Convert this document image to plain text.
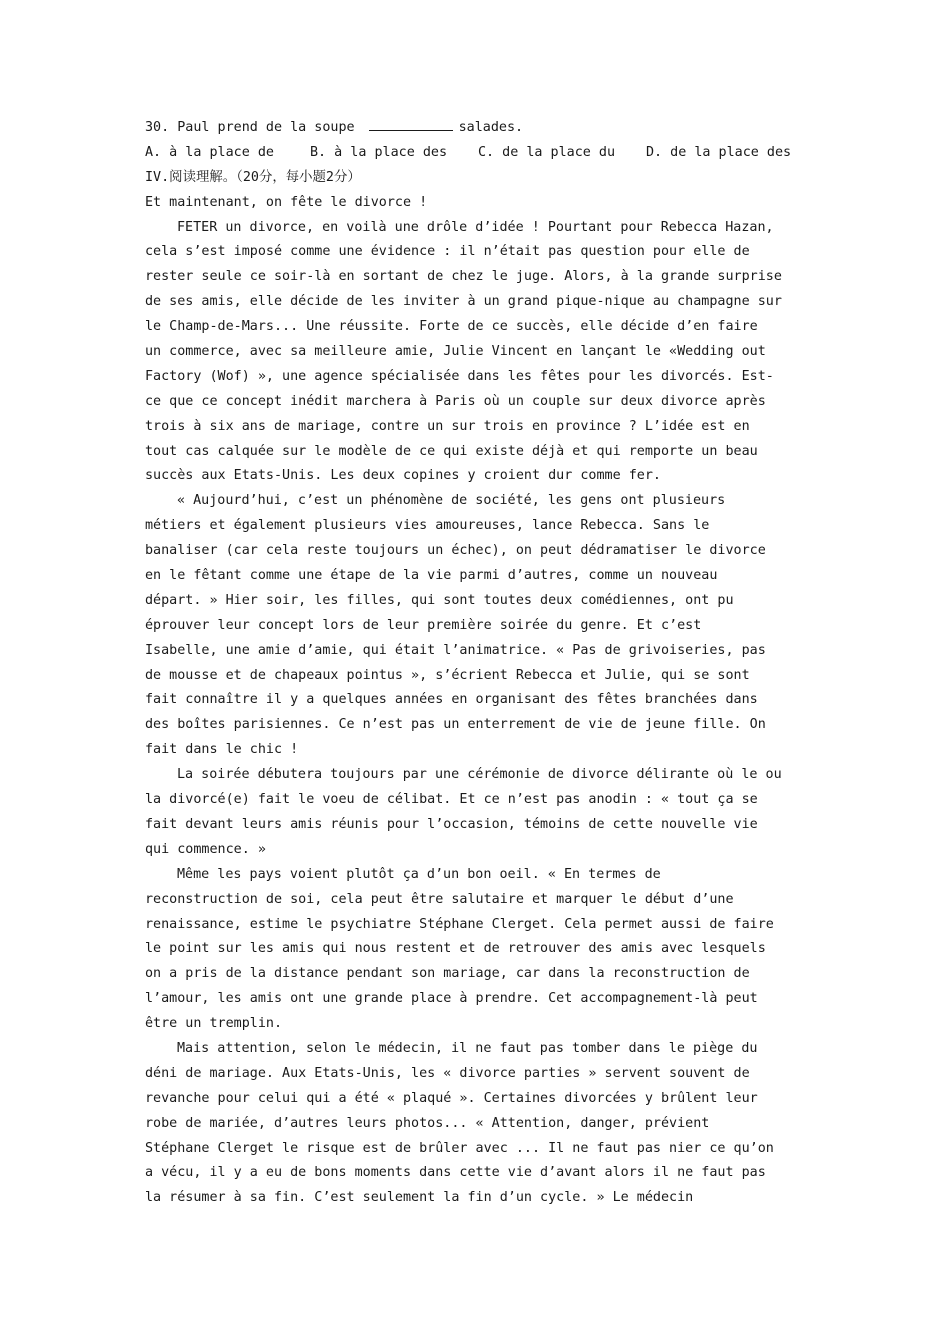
30. Paul prend de la soupe	salades.
A. à la place de	B. à la place des	C. de la place du	D. de la place des
IV.阅读理解。（20分，每小题2分）
Et maintenant, on fête le divorce !
FETER un divorce, en voilà une drôle d’idée ! Pourtant pour Rebecca Hazan,
cela s’est imposé comme une évidence : il n’était pas question pour elle de
rester seule ce soir-là en sortant de chez le juge. Alors, à la grande surprise
de ses amis, elle décide de les inviter à un grand pique-nique au champagne sur
le Champ-de-Mars... Une réussite. Forte de ce succès, elle décide d’en faire
un commerce, avec sa meilleure amie, Julie Vincent en lançant le «Wedding out
Factory (Wof) », une agence spécialisée dans les fêtes pour les divorcés. Est-
ce que ce concept inédit marchera à Paris où un couple sur deux divorce après
trois à six ans de mariage, contre un sur trois en province ? L’idée est en
tout cas calquée sur le modèle de ce qui existe déjà et qui remporte un beau
succès aux Etats-Unis. Les deux copines y croient dur comme fer.
« Aujourd’hui, c’est un phénomène de société, les gens ont plusieurs
métiers et également plusieurs vies amoureuses, lance Rebecca. Sans le
banaliser (car cela reste toujours un échec), on peut dédramatiser le divorce
en le fêtant comme une étape de la vie parmi d’autres, comme un nouveau
départ. » Hier soir, les filles, qui sont toutes deux comédiennes, ont pu
éprouver leur concept lors de leur première soirée du genre. Et c’est
Isabelle, une amie d’amie, qui était l’animatrice. « Pas de grivoiseries, pas
de mousse et de chapeaux pointus », s’écrient Rebecca et Julie, qui se sont
fait connaître il y a quelques années en organisant des fêtes branchées dans
des boîtes parisiennes. Ce n’est pas un enterrement de vie de jeune fille. On
fait dans le chic !
La soirée débutera toujours par une cérémonie de divorce délirante où le ou
la divorcé(e) fait le voeu de célibat. Et ce n’est pas anodin : « tout ça se
fait devant leurs amis réunis pour l’occasion, témoins de cette nouvelle vie
qui commence. »
Même les pays voient plutôt ça d’un bon oeil. « En termes de
reconstruction de soi, cela peut être salutaire et marquer le début d’une
renaissance, estime le psychiatre Stéphane Clerget. Cela permet aussi de faire
le point sur les amis qui nous restent et de retrouver des amis avec lesquels
on a pris de la distance pendant son mariage, car dans la reconstruction de
l’amour, les amis ont une grande place à prendre. Cet accompagnement-là peut
être un tremplin.
Mais attention, selon le médecin, il ne faut pas tomber dans le piège du
déni de mariage. Aux Etats-Unis, les « divorce parties » servent souvent de
revanche pour celui qui a été « plaqué ». Certaines divorcées y brûlent leur
robe de mariée, d’autres leurs photos... « Attention, danger, prévient
Stéphane Clerget le risque est de brûler avec ... Il ne faut pas nier ce qu’on
a vécu, il y a eu de bons moments dans cette vie d’avant alors il ne faut pas
la résumer à sa fin. C’est seulement la fin d’un cycle. » Le médecin
